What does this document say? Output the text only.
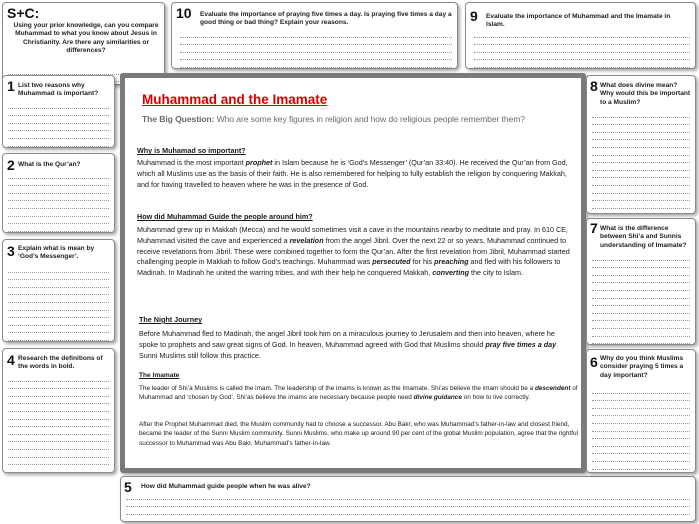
S+C:
Using your prior knowledge, can you compare Muhammad to what you know about Jesus in Christianity. Are there any similarities or differences?
10 Evaluate the importance of praying five times a day. Is praying five times a day a good thing or bad thing? Explain your reasons.	9 Evaluate the importance of Muhammad and the Imamate in Islam.
1 List two reasons why Muhammad is important?
2 What is the Qur’an?
3 Explain what is mean by ‘God’s Messenger’.
4 Research the definitions of the words in bold.
Muhammad and the Imamate
The Big Question: Who are some key figures in religion and how do religious people remember them?
Why is Muhamad so important?
Muhammad is the most important prophet in Islam because he is ‘God’s Messenger’ (Qur’an 33:40). He received the Qur’an from God, which all Muslims use as the basis of their faith. He is also remembered for helping to fully establish the religion by conquering Makkah, and for having travelled to heaven where he was in the presence of God.
How did Muhammad Guide the people around him?
Muhammad grew up in Makkah (Mecca) and he would sometimes visit a cave in the mountains nearby to meditate and pray. In 610 CE, Muhammad visited the cave and experienced a revelation from the angel Jibril. Over the next 22 or so years, Muhammad continued to receive revelations from Jibril. These were combined together to form the Qur’an. After the first revelation from Jibril, Muhammad started challenging people in Makkah to follow God’s teachings. Muhammad was persecuted for his preaching and fled with his followers to Madinah. In Madinah he united the warring tribes, and with their help he conquered Makkah, converting the city to Islam.
The Night Journey
Before Muhammad fled to Madinah, the angel Jibril took him on a miraculous journey to Jerusalem and then into heaven, where he spoke to prophets and saw great signs of God. In heaven, Muhammad agreed with God that Muslims should pray five times a day. Sunni Muslims still follow this practice.
The Imamate
The leader of Shi’a Muslims is called the imam. The leadership of the imams is known as the Imamate. Shi’as believe the imam should be a descendent of Muhammad and ‘chosen by God’. Shi’as believe the imams are necessary because people need divine guidance on how to live correctly.
After the Prophet Muhammad died, the Muslim community had to choose a successor. Abu Bakr, who was Muhammad’s father-in-law and closest friend, became the leader of the Sunni Muslim community. Sunni Muslims, who make up around 90 per cent of the global Muslim population, agree that the rightful successor to Muhammad was Abu Bakr, Muhammad’s father-in-law.
5 How did Muhammad guide people when he was alive?
8 What does divine mean? Why would this be important to a Muslim?
7 What is the difference between Shi’a and Sunnis understanding of Imamate?
6 Why do you think Muslims consider praying 5 times a day important?
